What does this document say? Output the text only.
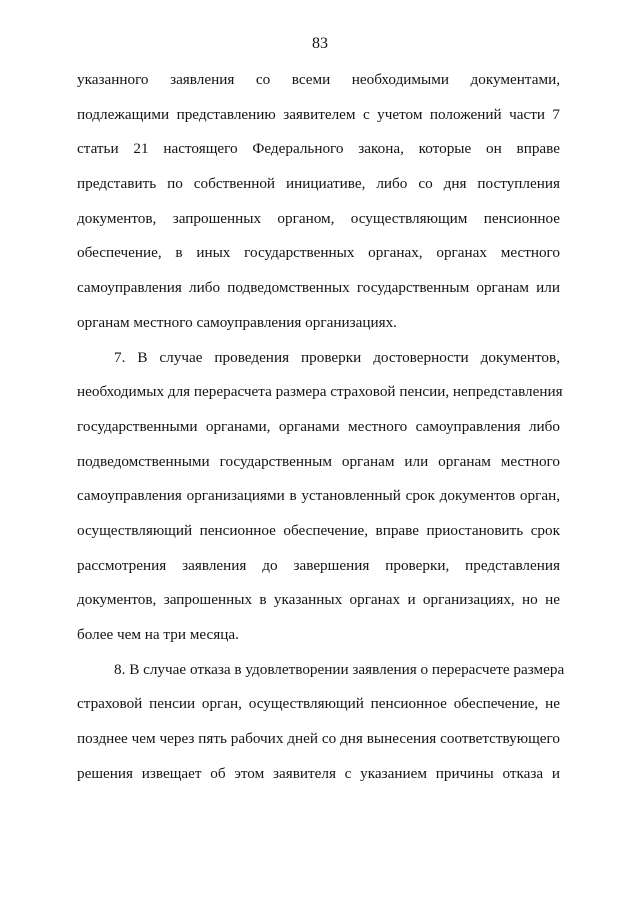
83
указанного заявления со всеми необходимыми документами,
подлежащими представлению заявителем с учетом положений части 7
статьи 21 настоящего Федерального закона, которые он вправе
представить по собственной инициативе, либо со дня поступления
документов, запрошенных органом, осуществляющим пенсионное
обеспечение, в иных государственных органах, органах местного
самоуправления либо подведомственных государственным органам или
органам местного самоуправления организациях.
7. В случае проведения проверки достоверности документов,
необходимых для перерасчета размера страховой пенсии, непредставления
государственными органами, органами местного самоуправления либо
подведомственными государственным органам или органам местного
самоуправления организациями в установленный срок документов орган,
осуществляющий пенсионное обеспечение, вправе приостановить срок
рассмотрения заявления до завершения проверки, представления
документов, запрошенных в указанных органах и организациях, но не
более чем на три месяца.
8. В случае отказа в удовлетворении заявления о перерасчете размера
страховой пенсии орган, осуществляющий пенсионное обеспечение, не
позднее чем через пять рабочих дней со дня вынесения соответствующего
решения извещает об этом заявителя с указанием причины отказа и
